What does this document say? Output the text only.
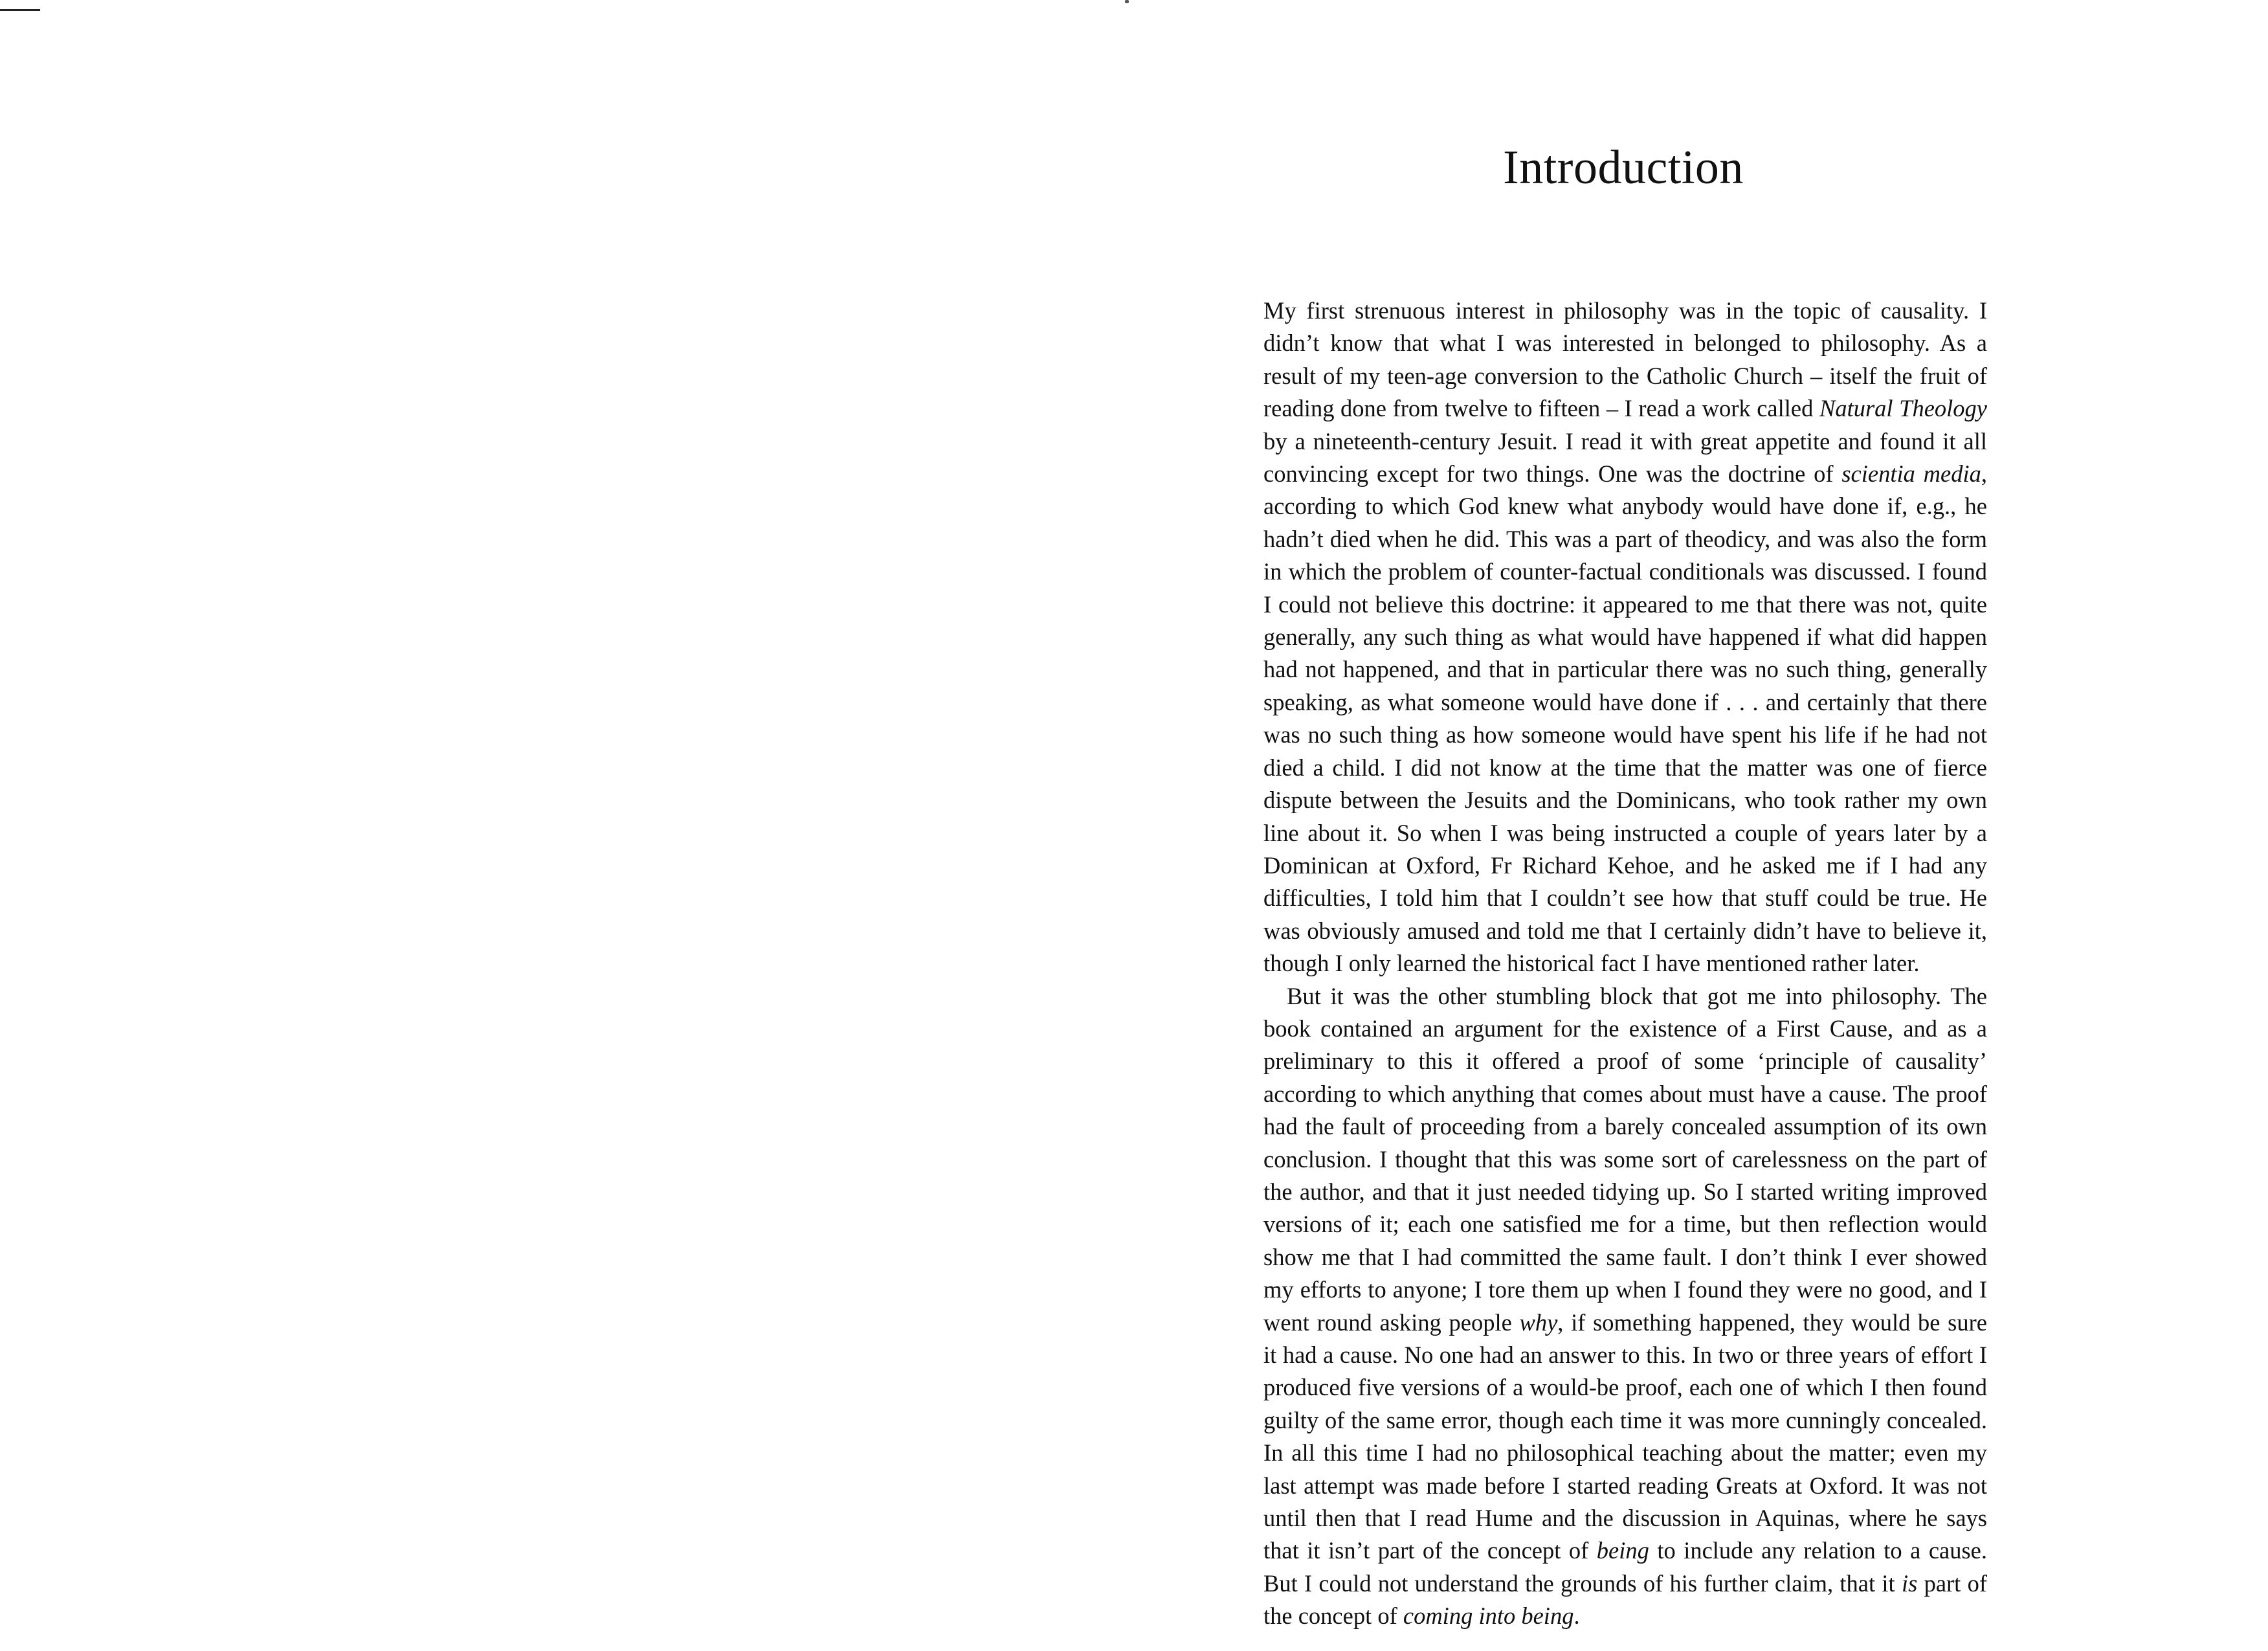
Introduction

My first strenuous interest in philosophy was in the topic of causality. I didn’t know that what I was interested in belonged to philosophy. As a result of my teen-age conversion to the Catholic Church – itself the fruit of reading done from twelve to fifteen – I read a work called Natural Theology by a nineteenth-century Jesuit. I read it with great appetite and found it all convincing except for two things. One was the doctrine of scientia media, according to which God knew what anybody would have done if, e.g., he hadn’t died when he did. This was a part of theodicy, and was also the form in which the problem of counter-factual conditionals was discussed. I found I could not believe this doctrine: it appeared to me that there was not, quite generally, any such thing as what would have happened if what did happen had not happened, and that in particular there was no such thing, generally speaking, as what someone would have done if . . . and certainly that there was no such thing as how someone would have spent his life if he had not died a child. I did not know at the time that the matter was one of fierce dispute between the Jesuits and the Dominicans, who took rather my own line about it. So when I was being instructed a couple of years later by a Dominican at Oxford, Fr Richard Kehoe, and he asked me if I had any difficulties, I told him that I couldn’t see how that stuff could be true. He was obviously amused and told me that I certainly didn’t have to believe it, though I only learned the historical fact I have mentioned rather later.

But it was the other stumbling block that got me into philosophy. The book contained an argument for the existence of a First Cause, and as a preliminary to this it offered a proof of some ‘principle of causality’ according to which anything that comes about must have a cause. The proof had the fault of proceeding from a barely concealed assumption of its own conclusion. I thought that this was some sort of carelessness on the part of the author, and that it just needed tidying up. So I started writing improved versions of it; each one satisfied me for a time, but then reflection would show me that I had committed the same fault. I don’t think I ever showed my efforts to anyone; I tore them up when I found they were no good, and I went round asking people why, if something happened, they would be sure it had a cause. No one had an answer to this. In two or three years of effort I produced five versions of a would-be proof, each one of which I then found guilty of the same error, though each time it was more cunningly concealed. In all this time I had no philosophical teaching about the matter; even my last attempt was made before I started reading Greats at Oxford. It was not until then that I read Hume and the discussion in Aquinas, where he says that it isn’t part of the concept of being to include any relation to a cause. But I could not understand the grounds of his further claim, that it is part of the concept of coming into being.
